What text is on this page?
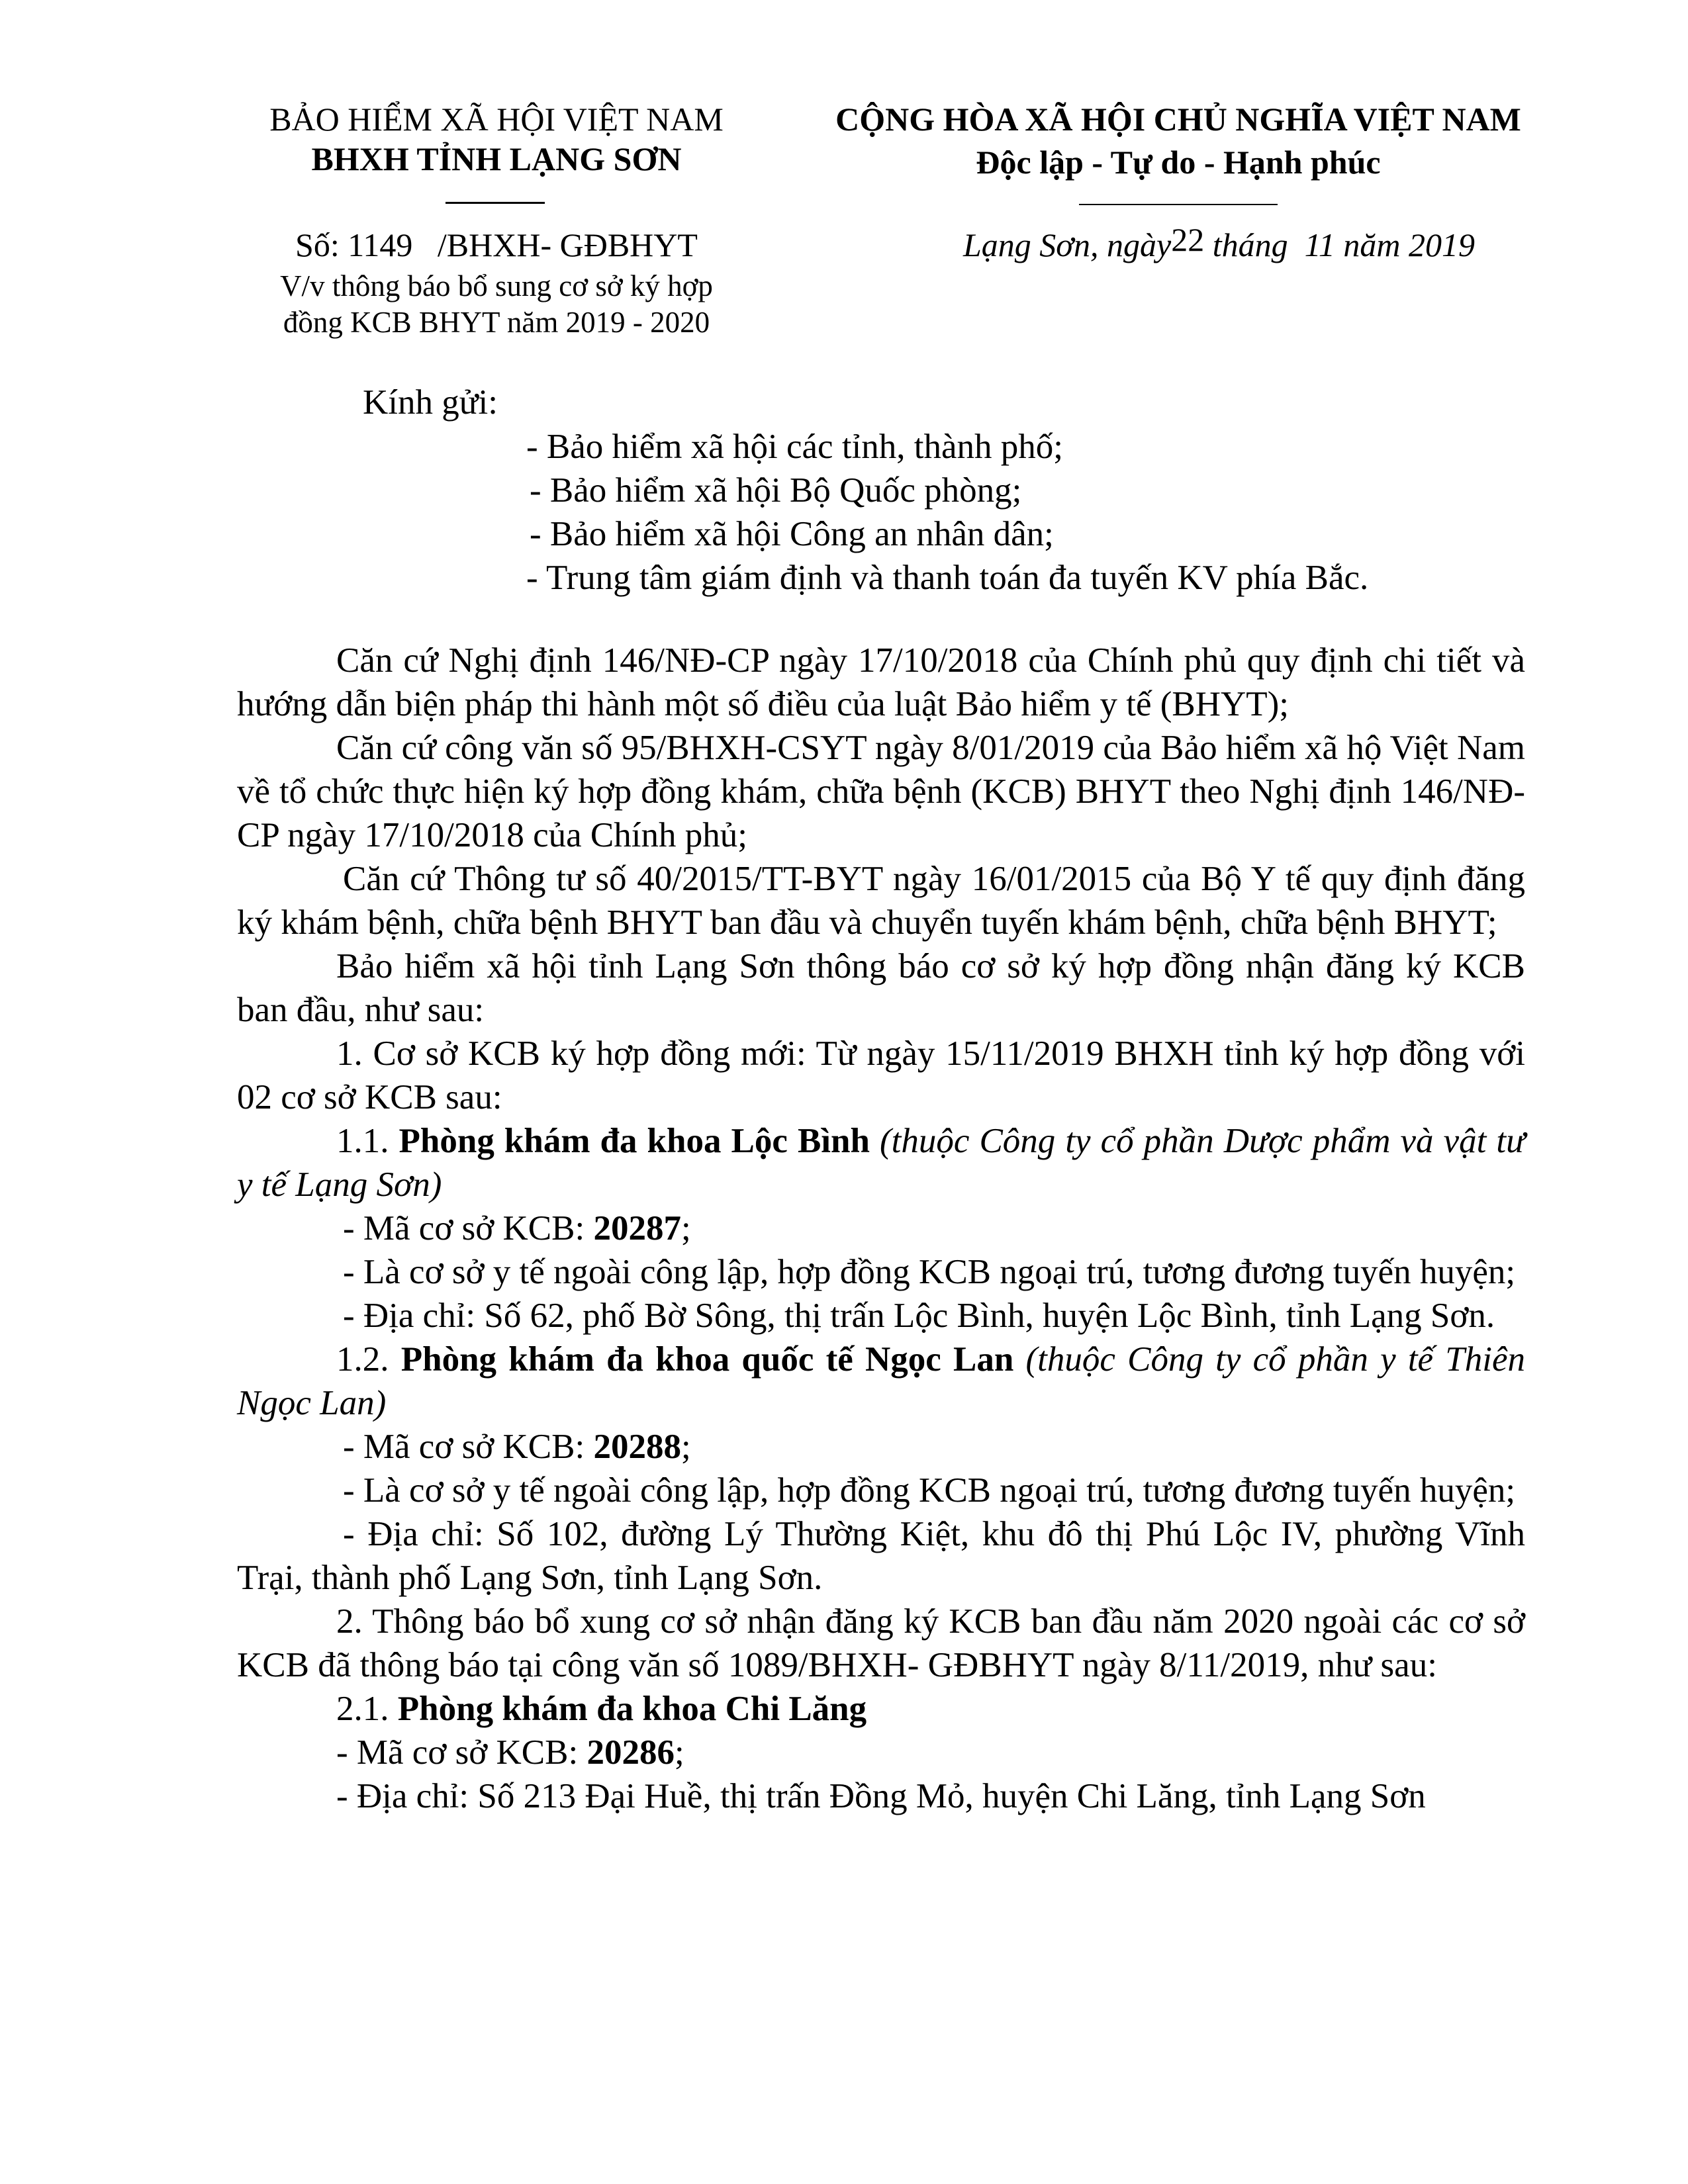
BẢO HIỂM XÃ HỘI VIỆT NAM
BHXH TỈNH LẠNG SƠN
CỘNG HÒA XÃ HỘI CHỦ NGHĨA VIỆT NAM
Độc lập - Tự do - Hạnh phúc
Số: 1149   /BHXH- GĐBHYT
V/v thông báo bổ sung cơ sở ký hợp
đồng KCB BHYT năm 2019 - 2020
Lạng Sơn, ngày22 tháng  11 năm 2019
Kính gửi:
- Bảo hiểm xã hội các tỉnh, thành phố;
- Bảo hiểm xã hội Bộ Quốc phòng;
- Bảo hiểm xã hội Công an nhân dân;
- Trung tâm giám định và thanh toán đa tuyến KV phía Bắc.

Căn cứ Nghị định 146/NĐ-CP ngày 17/10/2018 của Chính phủ quy định chi tiết và hướng dẫn biện pháp thi hành một số điều của luật Bảo hiểm y tế (BHYT);

Căn cứ công văn số 95/BHXH-CSYT ngày 8/01/2019 của Bảo hiểm xã hộ Việt Nam về tổ chức thực hiện ký hợp đồng khám, chữa bệnh (KCB) BHYT theo Nghị định 146/NĐ-CP ngày 17/10/2018 của Chính phủ;

Căn cứ Thông tư số 40/2015/TT-BYT ngày 16/01/2015 của Bộ Y tế quy định đăng ký khám bệnh, chữa bệnh BHYT ban đầu và chuyển tuyến khám bệnh, chữa bệnh BHYT;

Bảo hiểm xã hội tỉnh Lạng Sơn thông báo cơ sở ký hợp đồng nhận đăng ký KCB ban đầu, như sau:

1. Cơ sở KCB ký hợp đồng mới: Từ ngày 15/11/2019 BHXH tỉnh ký hợp đồng với 02 cơ sở KCB sau:

1.1. Phòng khám đa khoa Lộc Bình (thuộc Công ty cổ phần Dược phẩm và vật tư y tế Lạng Sơn)

- Mã cơ sở KCB: 20287;

- Là cơ sở y tế ngoài công lập, hợp đồng KCB ngoại trú, tương đương tuyến huyện;

- Địa chỉ: Số 62, phố Bờ Sông, thị trấn Lộc Bình, huyện Lộc Bình, tỉnh Lạng Sơn.

1.2. Phòng khám đa khoa quốc tế Ngọc Lan (thuộc Công ty cổ phần y tế Thiên Ngọc Lan)

- Mã cơ sở KCB: 20288;

- Là cơ sở y tế ngoài công lập, hợp đồng KCB ngoại trú, tương đương tuyến huyện;

- Địa chỉ: Số 102, đường Lý Thường Kiệt, khu đô thị Phú Lộc IV, phường Vĩnh Trại, thành phố Lạng Sơn, tỉnh Lạng Sơn.

2. Thông báo bổ xung cơ sở nhận đăng ký KCB ban đầu năm 2020 ngoài các cơ sở KCB đã thông báo tại công văn số 1089/BHXH- GĐBHYT ngày 8/11/2019, như sau:

2.1. Phòng khám đa khoa Chi Lăng

- Mã cơ sở KCB: 20286;

- Địa chỉ: Số 213 Đại Huề, thị trấn Đồng Mỏ, huyện Chi Lăng, tỉnh Lạng Sơn
